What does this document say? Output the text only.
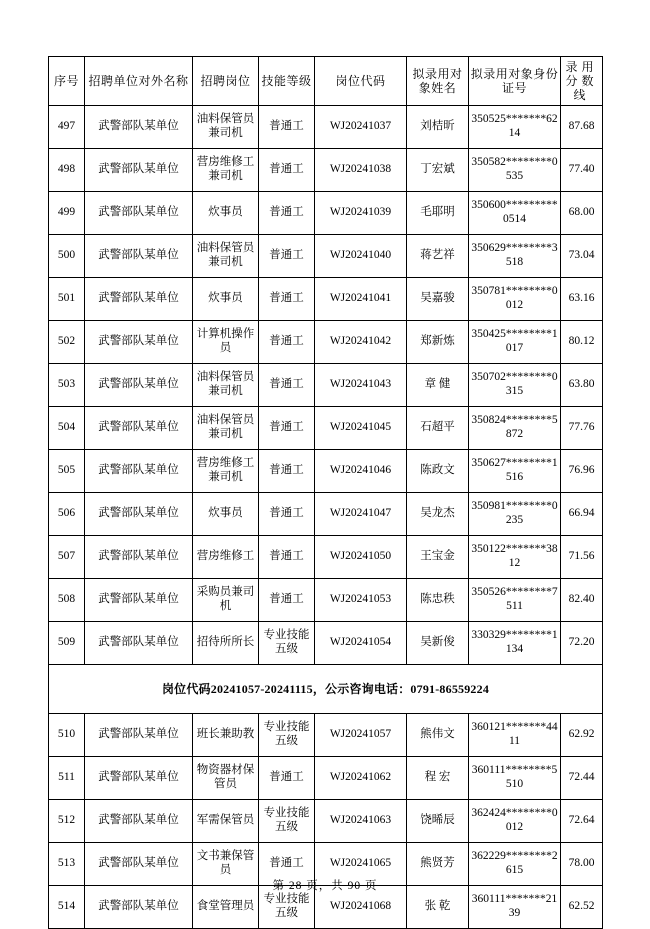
序号	招聘单位对外名称	招聘岗位	技能等级	岗位代码	拟录用对象姓名	拟录用对象身份证号	录用分数线
497	武警部队某单位	油料保管员兼司机	普通工	WJ20241037	刘桔昕	350525*******6214	87.68
498	武警部队某单位	营房维修工兼司机	普通工	WJ20241038	丁宏斌	350582********0535	77.40
499	武警部队某单位	炊事员	普通工	WJ20241039	毛耶明	350600*********0514	68.00
500	武警部队某单位	油料保管员兼司机	普通工	WJ20241040	蒋艺祥	350629********3518	73.04
501	武警部队某单位	炊事员	普通工	WJ20241041	吴嘉骏	350781********0012	63.16
502	武警部队某单位	计算机操作员	普通工	WJ20241042	郑新炼	350425********1017	80.12
503	武警部队某单位	油料保管员兼司机	普通工	WJ20241043	章 健	350702********0315	63.80
504	武警部队某单位	油料保管员兼司机	普通工	WJ20241045	石超平	350824********5872	77.76
505	武警部队某单位	营房维修工兼司机	普通工	WJ20241046	陈政文	350627********1516	76.96
506	武警部队某单位	炊事员	普通工	WJ20241047	吴龙杰	350981********0235	66.94
507	武警部队某单位	营房维修工	普通工	WJ20241050	王宝金	350122*******3812	71.56
508	武警部队某单位	采购员兼司机	普通工	WJ20241053	陈忠秩	350526********7511	82.40
509	武警部队某单位	招待所所长	专业技能五级	WJ20241054	吴新俊	330329********1134	72.20
岗位代码20241057-20241115，公示咨询电话：0791-86559224							
510	武警部队某单位	班长兼助教	专业技能五级	WJ20241057	熊伟文	360121*******4411	62.92
511	武警部队某单位	物资器材保管员	普通工	WJ20241062	程 宏	360111********5510	72.44
512	武警部队某单位	军需保管员	专业技能五级	WJ20241063	饶晞辰	362424********0012	72.64
513	武警部队某单位	文书兼保管员	普通工	WJ20241065	熊贤芳	362229********2615	78.00
514	武警部队某单位	食堂管理员	专业技能五级	WJ20241068	张 乾	360111*******2139	62.52
第 28 页，共 90 页
